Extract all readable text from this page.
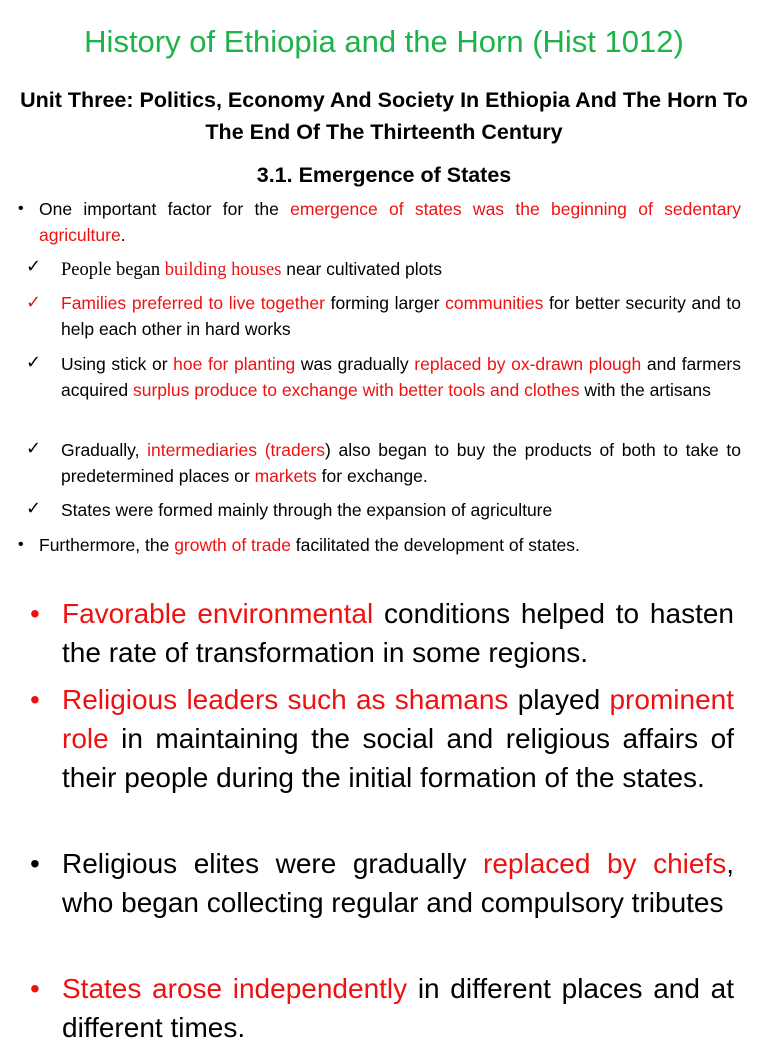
History of Ethiopia and the Horn (Hist 1012)
Unit Three: Politics, Economy And Society In Ethiopia And The Horn To The End Of The Thirteenth Century
3.1. Emergence of States
• One important factor for the emergence of states was the beginning of sedentary agriculture.
✓ People began building houses near cultivated plots
✓ Families preferred to live together forming larger communities for better security and to help each other in hard works
✓ Using stick or hoe for planting was gradually replaced by ox-drawn plough and farmers acquired surplus produce to exchange with better tools and clothes with the artisans
✓ Gradually, intermediaries (traders) also began to buy the products of both to take to predetermined places or markets for exchange.
✓ States were formed mainly through the expansion of agriculture
• Furthermore, the growth of trade facilitated the development of states.
• Favorable environmental conditions helped to hasten the rate of transformation in some regions.
• Religious leaders such as shamans played prominent role in maintaining the social and religious affairs of their people during the initial formation of the states.
• Religious elites were gradually replaced by chiefs, who began collecting regular and compulsory tributes
• States arose independently in different places and at different times.
